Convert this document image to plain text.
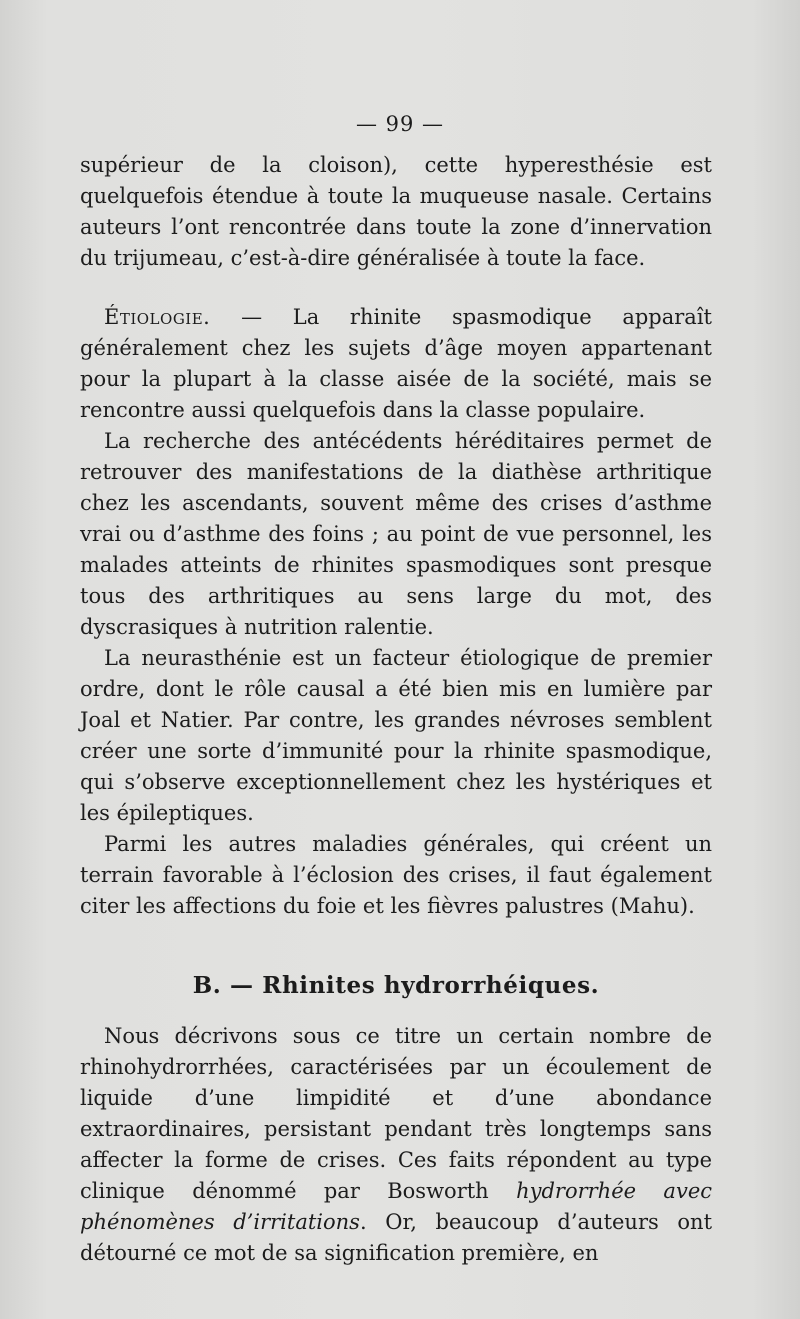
— 99 —

supérieur de la cloison), cette hyperesthésie est quelquefois étendue à toute la muqueuse nasale. Certains auteurs l’ont rencontrée dans toute la zone d’innervation du trijumeau, c’est-à-dire généralisée à toute la face.

Étiologie. — La rhinite spasmodique apparaît généralement chez les sujets d’âge moyen appartenant pour la plupart à la classe aisée de la société, mais se rencontre aussi quelquefois dans la classe populaire.

La recherche des antécédents héréditaires permet de retrouver des manifestations de la diathèse arthritique chez les ascendants, souvent même des crises d’asthme vrai ou d’asthme des foins ; au point de vue personnel, les malades atteints de rhinites spasmodiques sont presque tous des arthritiques au sens large du mot, des dyscrasiques à nutrition ralentie.

La neurasthénie est un facteur étiologique de premier ordre, dont le rôle causal a été bien mis en lumière par Joal et Natier. Par contre, les grandes névroses semblent créer une sorte d’immunité pour la rhinite spasmodique, qui s’observe exceptionnellement chez les hystériques et les épileptiques.

Parmi les autres maladies générales, qui créent un terrain favorable à l’éclosion des crises, il faut également citer les affections du foie et les fièvres palustres (Mahu).

B. — Rhinites hydrorrhéiques.

Nous décrivons sous ce titre un certain nombre de rhinohydrorrhées, caractérisées par un écoulement de liquide d’une limpidité et d’une abondance extraordinaires, persistant pendant très longtemps sans affecter la forme de crises. Ces faits répondent au type clinique dénommé par Bosworth hydrorrhée avec phénomènes d’irritations. Or, beaucoup d’auteurs ont détourné ce mot de sa signification première, en
